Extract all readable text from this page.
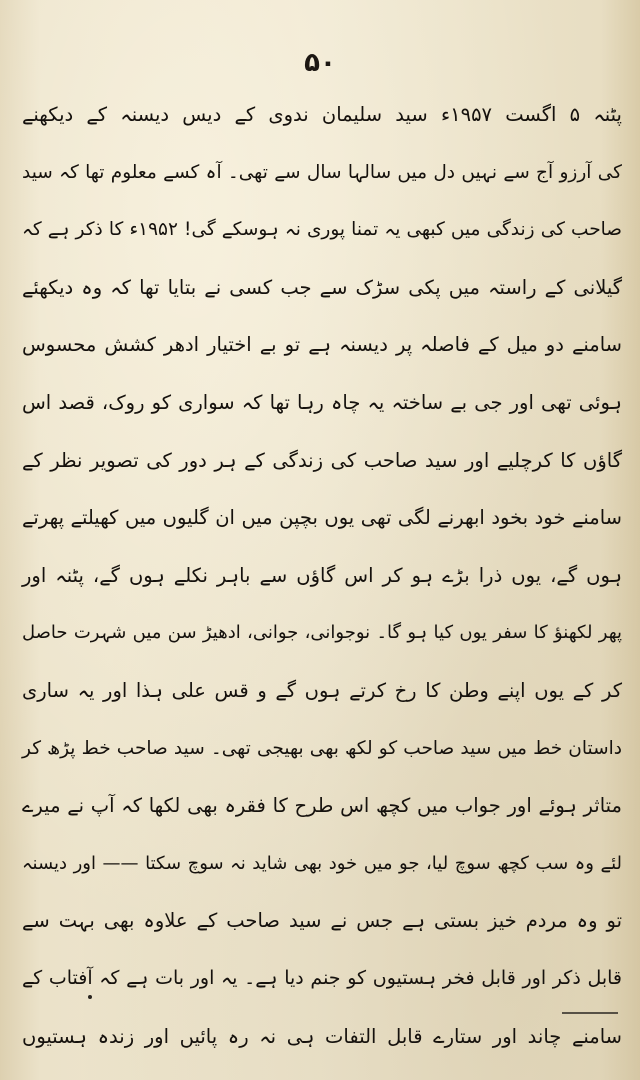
۵۰
پٹنہ ۵ اگست ۱۹۵۷ء سید سلیمان ندوی کے دیس دیسنہ کے دیکھنے
کی آرزو آج سے نہیں دل میں سالہا سال سے تھی۔ آہ کسے معلوم تھا کہ سید
صاحب کی زندگی میں کبھی یہ تمنا پوری نہ ہوسکے گی! ۱۹۵۲ء کا ذکر ہے کہ
گیلانی کے راستہ میں پکی سڑک سے جب کسی نے بتایا تھا کہ وہ دیکھئے
سامنے دو میل کے فاصلہ پر دیسنہ ہے تو بے اختیار ادھر کشش محسوس
ہوئی تھی اور جی بے ساختہ یہ چاہ رہا تھا کہ سواری کو روک، قصد اس
گاؤں کا کرچلیے اور سید صاحب کی زندگی کے ہر دور کی تصویر نظر کے
سامنے خود بخود ابھرنے لگی تھی یوں بچپن میں ان گلیوں میں کھیلتے پھرتے
ہوں گے، یوں ذرا بڑے ہو کر اس گاؤں سے باہر نکلے ہوں گے، پٹنہ اور
پھر لکھنؤ کا سفر یوں کیا ہو گا۔ نوجوانی، جوانی، ادھیڑ سن میں شہرت حاصل
کر کے یوں اپنے وطن کا رخ کرتے ہوں گے و قس علی ہذا اور یہ ساری
داستان خط میں سید صاحب کو لکھ بھی بھیجی تھی۔ سید صاحب خط پڑھ کر
متاثر ہوئے اور جواب میں کچھ اس طرح کا فقرہ بھی لکھا کہ آپ نے میرے
لئے وہ سب کچھ سوچ لیا، جو میں خود بھی شاید نہ سوچ سکتا —— اور دیسنہ
تو وہ مردم خیز بستی ہے جس نے سید صاحب کے علاوہ بھی بہت سے
قابل ذکر اور قابل فخر ہستیوں کو جنم دیا ہے۔ یہ اور بات ہے کہ آفتاب کے
سامنے چاند اور ستارے قابل التفات ہی نہ رہ پائیں اور زندہ ہستیوں
